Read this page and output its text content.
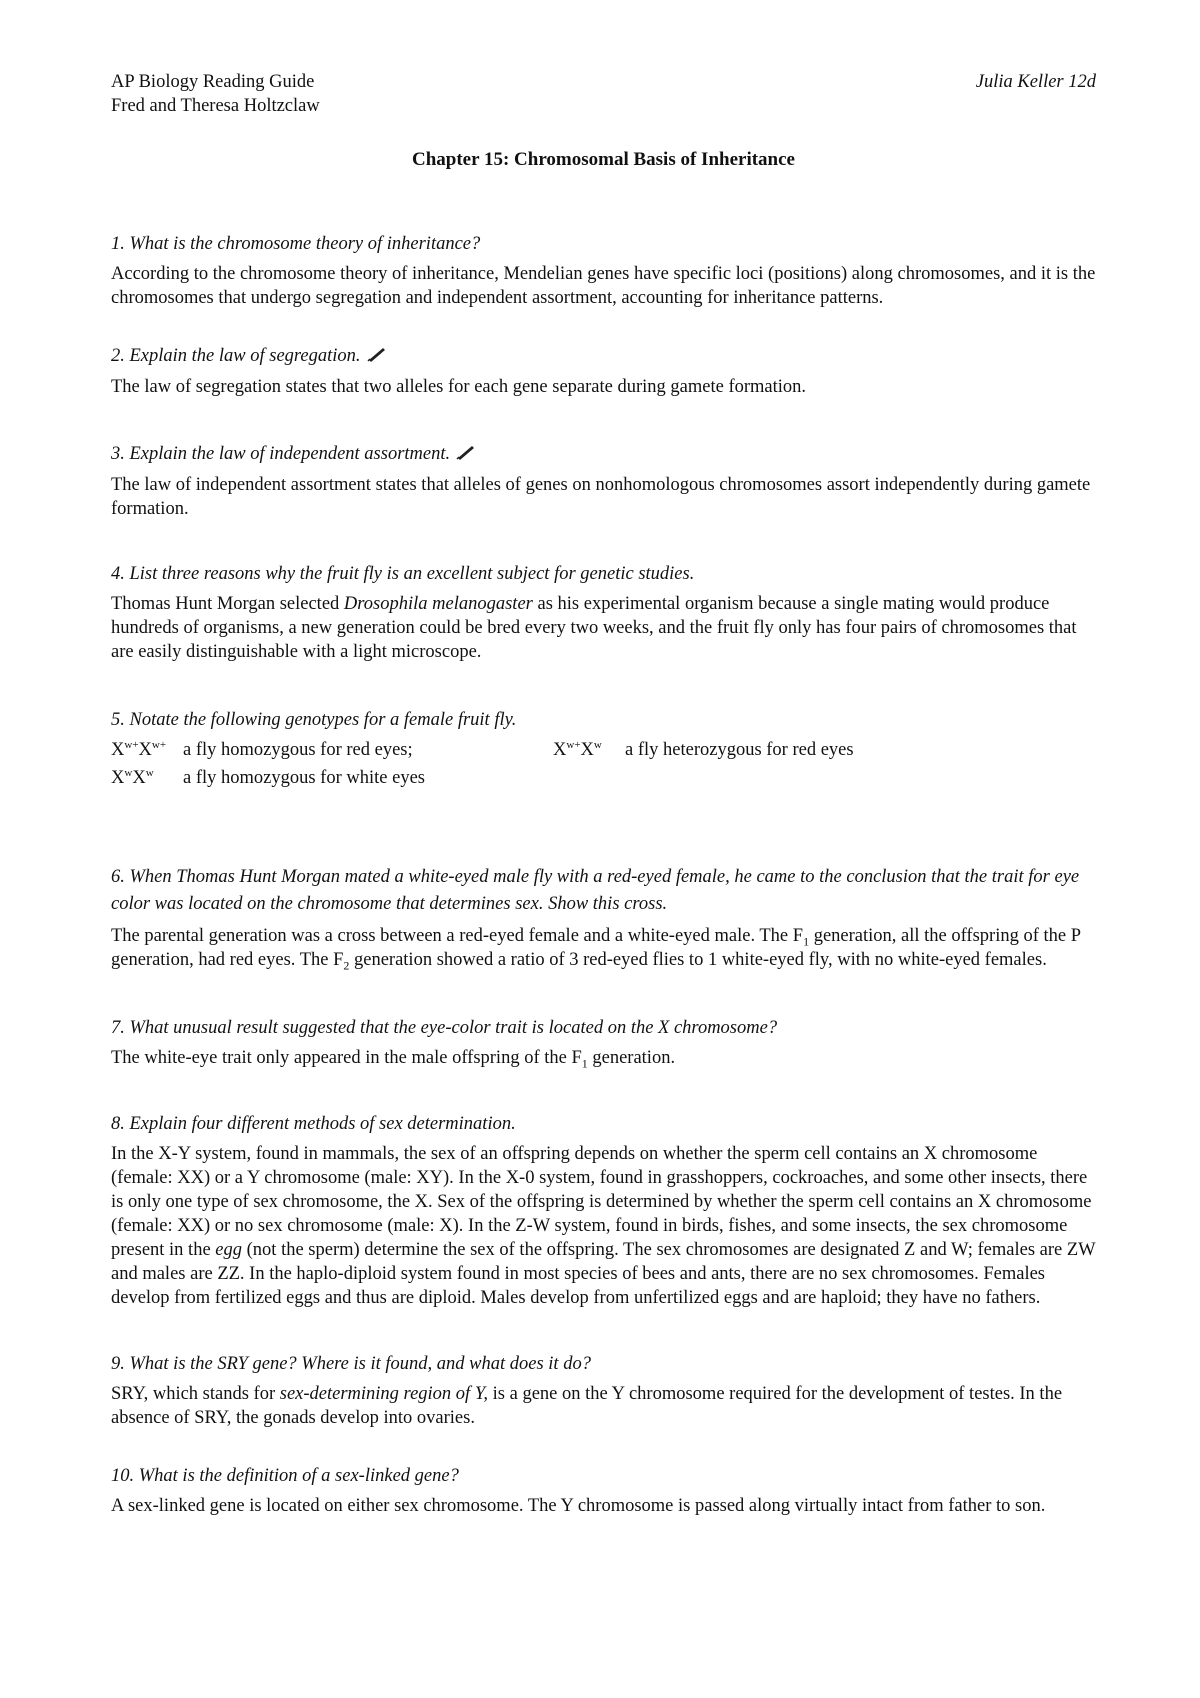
AP Biology Reading Guide	Julia Keller 12d
Fred and Theresa Holtzclaw
Chapter 15: Chromosomal Basis of Inheritance
1. What is the chromosome theory of inheritance?

According to the chromosome theory of inheritance, Mendelian genes have specific loci (positions) along chromosomes, and it is the chromosomes that undergo segregation and independent assortment, accounting for inheritance patterns.

2. Explain the law of segregation.

The law of segregation states that two alleles for each gene separate during gamete formation.

3. Explain the law of independent assortment.

The law of independent assortment states that alleles of genes on nonhomologous chromosomes assort independently during gamete formation.

4. List three reasons why the fruit fly is an excellent subject for genetic studies.

Thomas Hunt Morgan selected Drosophila melanogaster as his experimental organism because a single mating would produce hundreds of organisms, a new generation could be bred every two weeks, and the fruit fly only has four pairs of chromosomes that are easily distinguishable with a light microscope.

5. Notate the following genotypes for a female fruit fly.
$X^{w+}X^{w+}$ a fly homozygous for red eyes;	$X^{w+}X^w$	a fly heterozygous for red eyes
$X^wX^w$	a fly homozygous for white eyes
6. When Thomas Hunt Morgan mated a white-eyed male fly with a red-eyed female, he came to the conclusion that the trait for eye color was located on the chromosome that determines sex. Show this cross.

The parental generation was a cross between a red-eyed female and a white-eyed male. The $F_1$ generation, all the offspring of the P generation, had red eyes. The $F_2$ generation showed a ratio of 3 red-eyed flies to 1 white-eyed fly, with no white-eyed females.

7. What unusual result suggested that the eye-color trait is located on the X chromosome?

The white-eye trait only appeared in the male offspring of the $F_1$ generation.

8. Explain four different methods of sex determination.

In the X-Y system, found in mammals, the sex of an offspring depends on whether the sperm cell contains an X chromosome (female: XX) or a Y chromosome (male: XY). In the X-0 system, found in grasshoppers, cockroaches, and some other insects, there is only one type of sex chromosome, the X. Sex of the offspring is determined by whether the sperm cell contains an X chromosome (female: XX) or no sex chromosome (male: X). In the Z-W system, found in birds, fishes, and some insects, the sex chromosome present in the egg (not the sperm) determine the sex of the offspring. The sex chromosomes are designated Z and W; females are ZW and males are ZZ. In the haplo-diploid system found in most species of bees and ants, there are no sex chromosomes. Females develop from fertilized eggs and thus are diploid. Males develop from unfertilized eggs and are haploid; they have no fathers.

9. What is the SRY gene? Where is it found, and what does it do?

SRY, which stands for sex-determining region of Y, is a gene on the Y chromosome required for the development of testes. In the absence of SRY, the gonads develop into ovaries.

10. What is the definition of a sex-linked gene?

A sex-linked gene is located on either sex chromosome. The Y chromosome is passed along virtually intact from father to son.
